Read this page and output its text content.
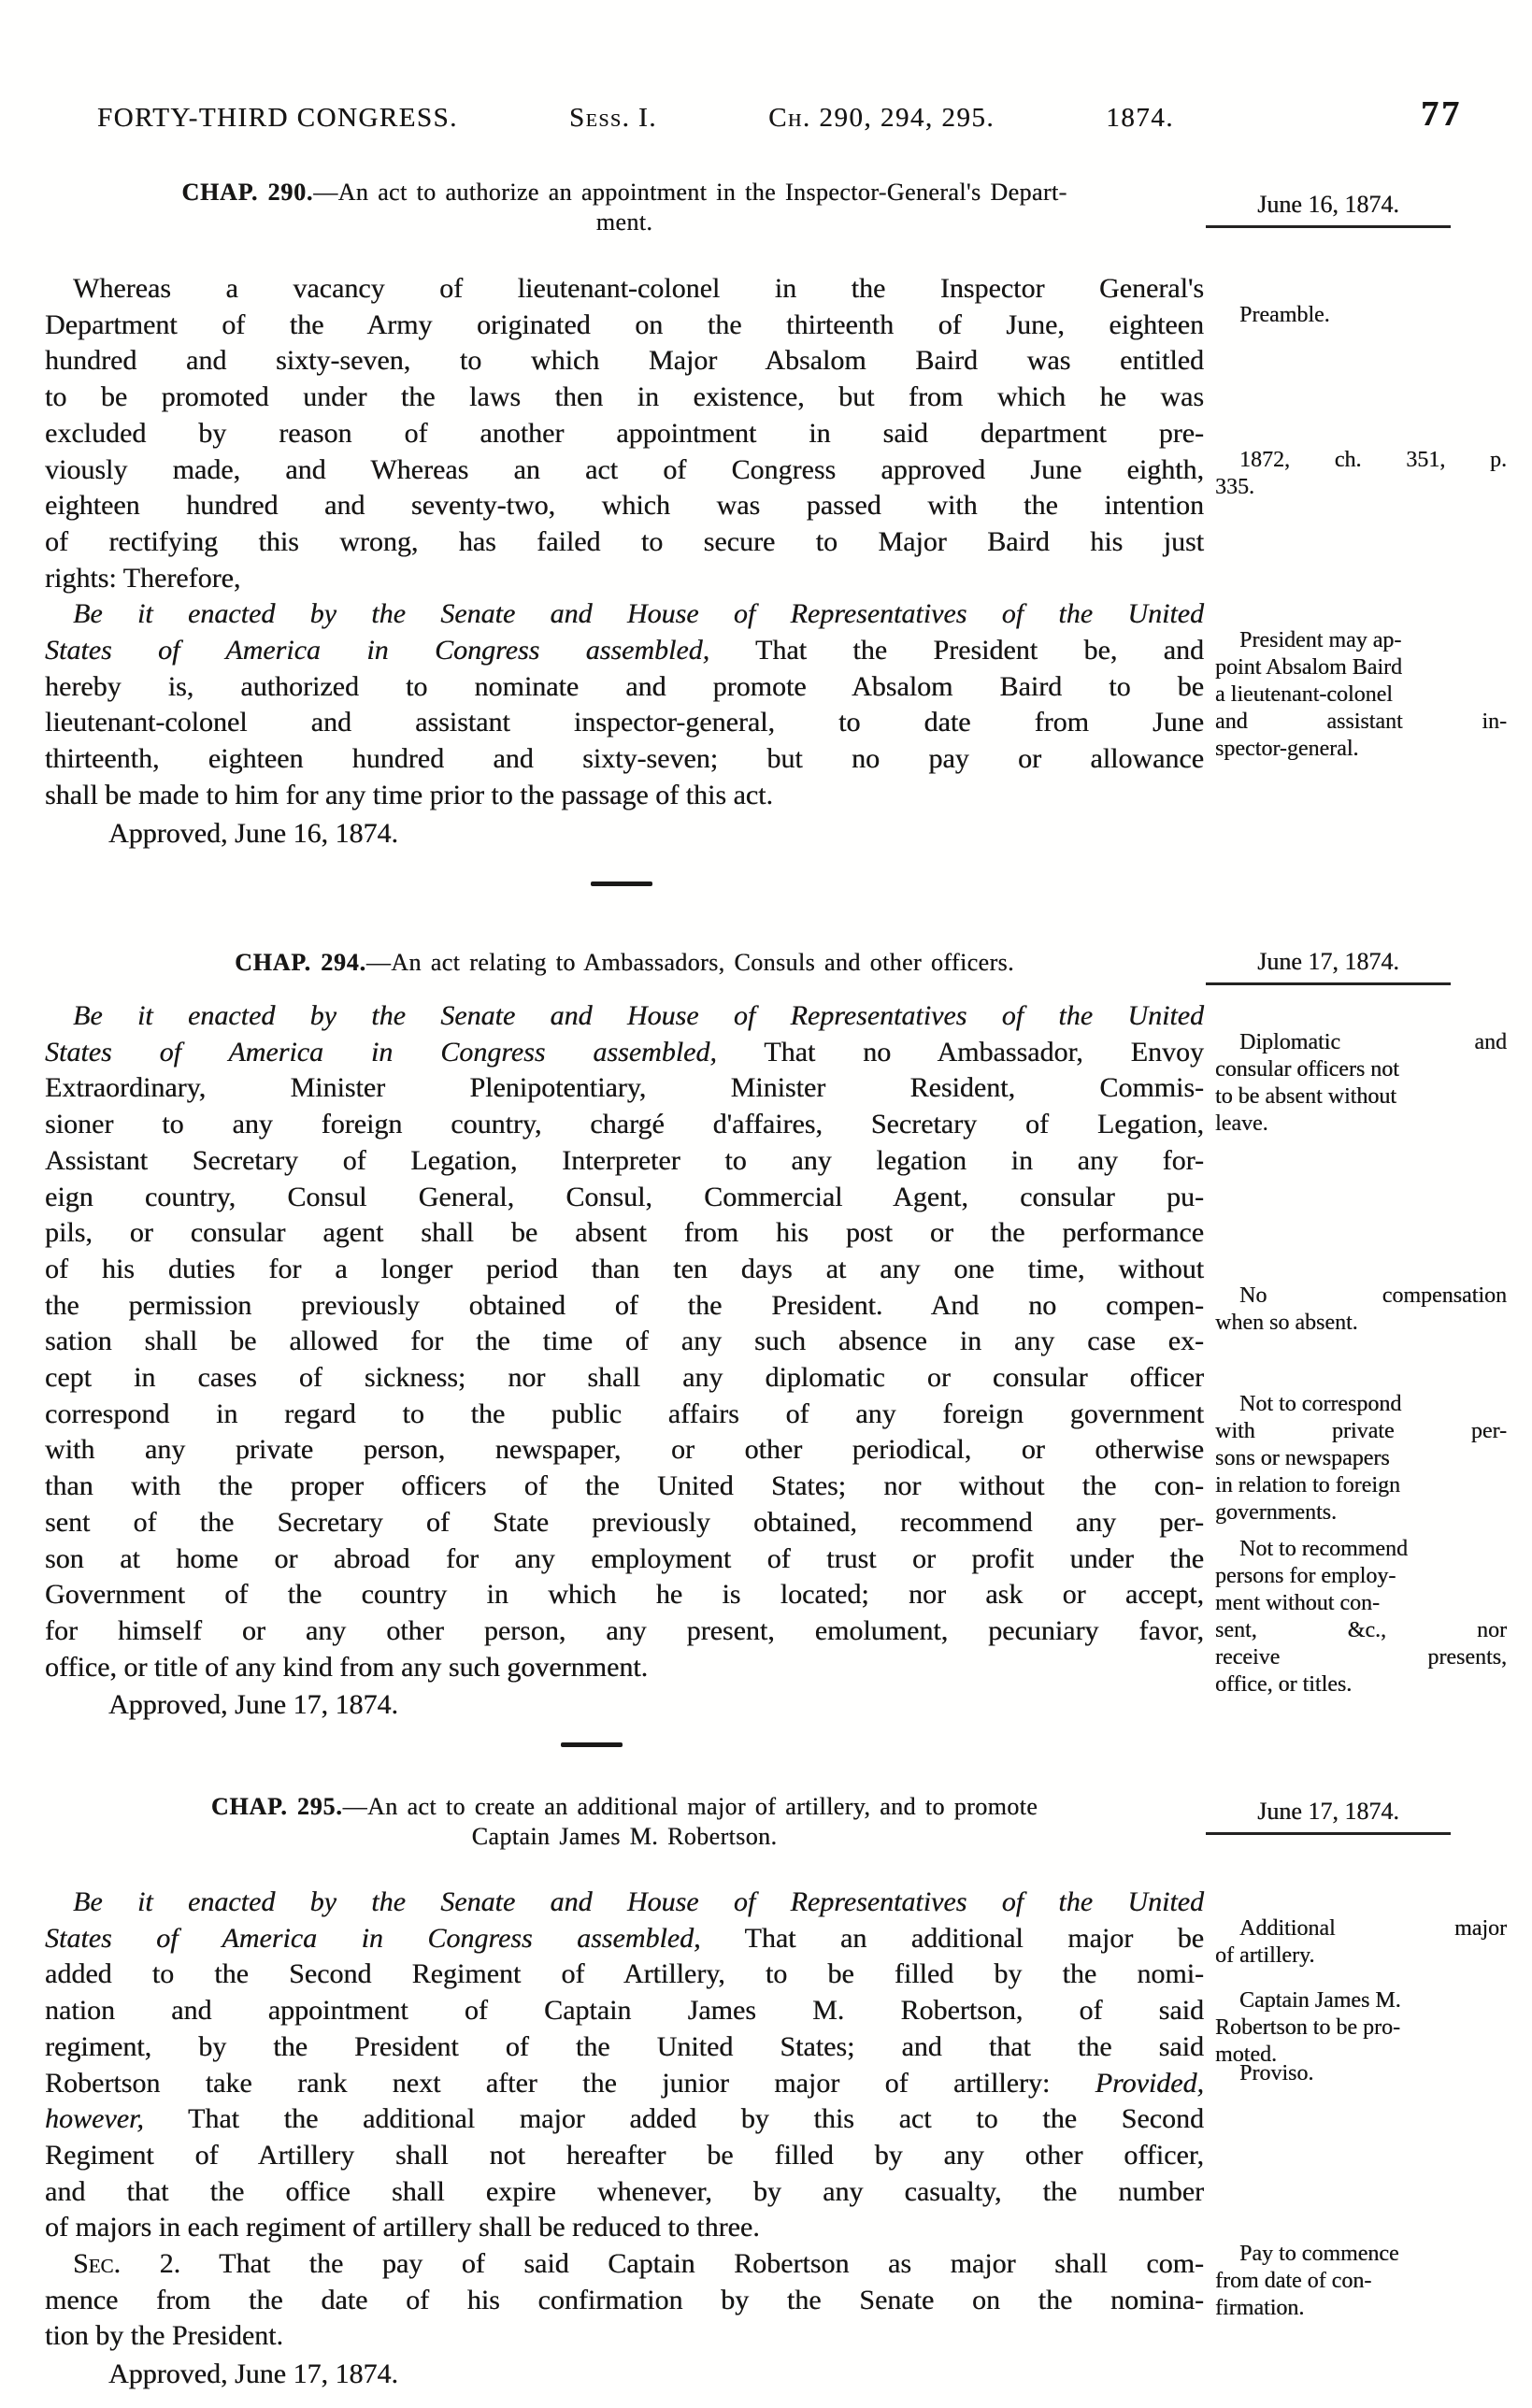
FORTY-THIRD CONGRESS.	Sess. I.	Ch. 290, 294, 295.	1874.	77
CHAP. 290.—An act to authorize an appointment in the Inspector-General's Depart-
ment.
Whereas a vacancy of lieutenant-colonel in the Inspector General's
Department of the Army originated on the thirteenth of June, eighteen
hundred and sixty-seven, to which Major Absalom Baird was entitled
to be promoted under the laws then in existence, but from which he was
excluded by reason of another appointment in said department pre-
viously made, and Whereas an act of Congress approved June eighth,
eighteen hundred and seventy-two, which was passed with the intention
of rectifying this wrong, has failed to secure to Major Baird his just
rights: Therefore,
Be it enacted by the Senate and House of Representatives of the United
States of America in Congress assembled, That the President be, and
hereby is, authorized to nominate and promote Absalom Baird to be
lieutenant-colonel and assistant inspector-general, to date from June
thirteenth, eighteen hundred and sixty-seven; but no pay or allowance
shall be made to him for any time prior to the passage of this act.
Approved, June 16, 1874.
June 16, 1874.
Preamble.
1872, ch. 351, p.
335.
President may ap-
point Absalom Baird
a lieutenant-colonel
and assistant in-
spector-general.
CHAP. 294.—An act relating to Ambassadors, Consuls and other officers.
Be it enacted by the Senate and House of Representatives of the United
States of America in Congress assembled, That no Ambassador, Envoy
Extraordinary, Minister Plenipotentiary, Minister Resident, Commis-
sioner to any foreign country, chargé d'affaires, Secretary of Legation,
Assistant Secretary of Legation, Interpreter to any legation in any for-
eign country, Consul General, Consul, Commercial Agent, consular pu-
pils, or consular agent shall be absent from his post or the performance
of his duties for a longer period than ten days at any one time, without
the permission previously obtained of the President. And no compen-
sation shall be allowed for the time of any such absence in any case ex-
cept in cases of sickness; nor shall any diplomatic or consular officer
correspond in regard to the public affairs of any foreign government
with any private person, newspaper, or other periodical, or otherwise
than with the proper officers of the United States; nor without the con-
sent of the Secretary of State previously obtained, recommend any per-
son at home or abroad for any employment of trust or profit under the
Government of the country in which he is located; nor ask or accept,
for himself or any other person, any present, emolument, pecuniary favor,
office, or title of any kind from any such government.
Approved, June 17, 1874.
June 17, 1874.
Diplomatic and
consular officers not
to be absent without
leave.
No compensation
when so absent.
Not to correspond
with private per-
sons or newspapers
in relation to foreign
governments.
Not to recommend
persons for employ-
ment without con-
sent, &c., nor
receive presents,
office, or titles.
CHAP. 295.—An act to create an additional major of artillery, and to promote
Captain James M. Robertson.
Be it enacted by the Senate and House of Representatives of the United
States of America in Congress assembled, That an additional major be
added to the Second Regiment of Artillery, to be filled by the nomi-
nation and appointment of Captain James M. Robertson, of said
regiment, by the President of the United States; and that the said
Robertson take rank next after the junior major of artillery: Provided,
however, That the additional major added by this act to the Second
Regiment of Artillery shall not hereafter be filled by any other officer,
and that the office shall expire whenever, by any casualty, the number
of majors in each regiment of artillery shall be reduced to three.
Sec. 2. That the pay of said Captain Robertson as major shall com-
mence from the date of his confirmation by the Senate on the nomina-
tion by the President.
Approved, June 17, 1874.
June 17, 1874.
Additional major
of artillery.
Captain James M.
Robertson to be pro-
moted.
Proviso.
Pay to commence
from date of con-
firmation.
